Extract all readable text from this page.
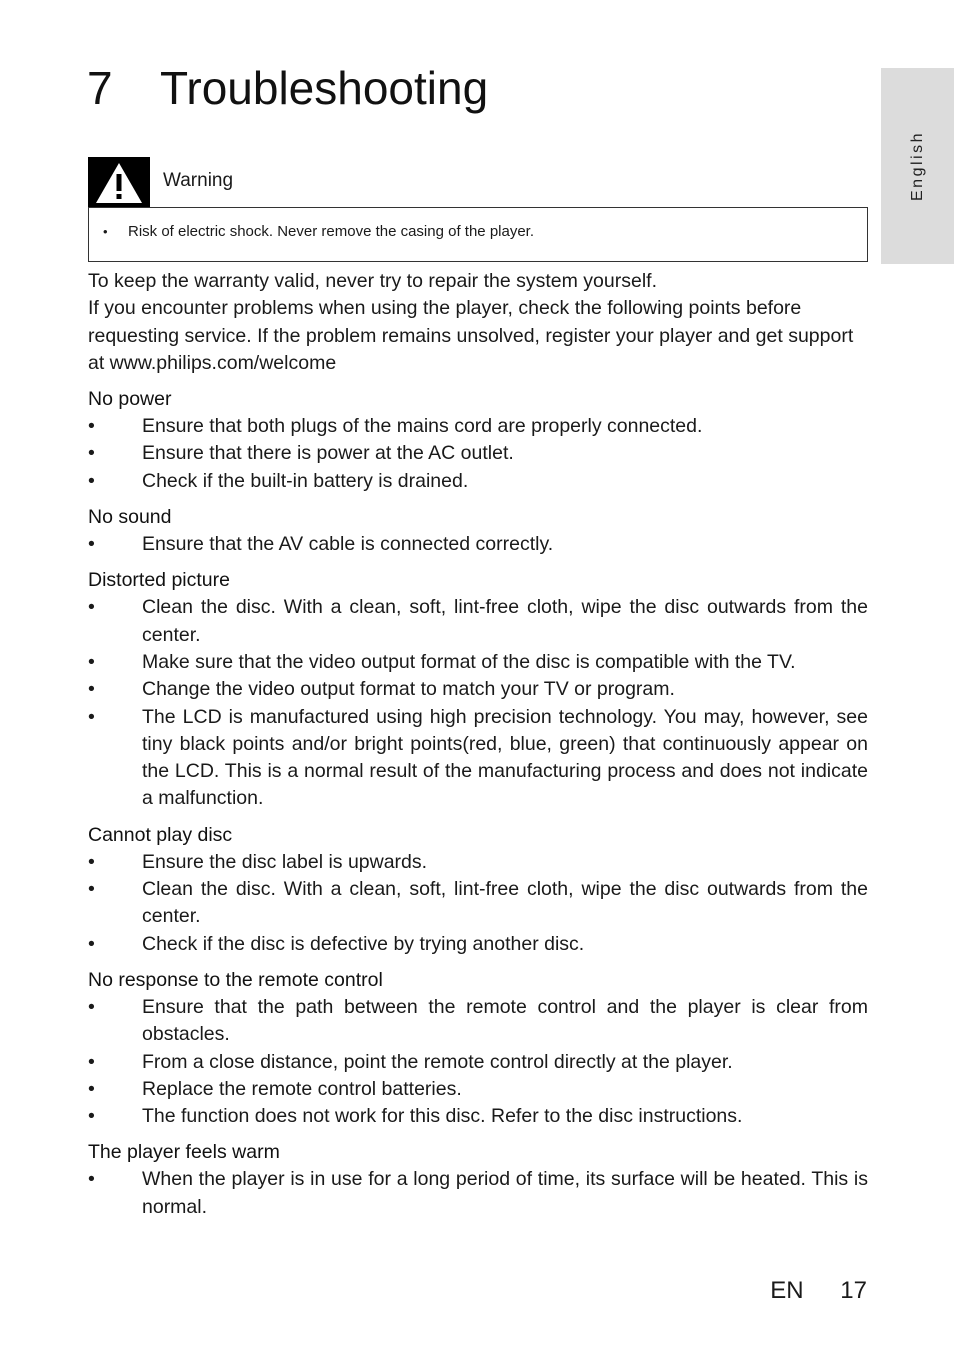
English
7 Troubleshooting
Warning
• Risk of electric shock. Never remove the casing of the player.

To keep the warranty valid, never try to repair the system yourself.

If you encounter problems when using the player, check the following points before requesting service. If the problem remains unsolved, register your player and get support at www.philips.com/welcome

No power
• Ensure that both plugs of the mains cord are properly connected.
• Ensure that there is power at the AC outlet.
• Check if the built-in battery is drained.
No sound
• Ensure that the AV cable is connected correctly.
Distorted picture
• Clean the disc. With a clean, soft, lint-free cloth, wipe the disc outwards from the center.
• Make sure that the video output format of the disc is compatible with the TV.
• Change the video output format to match your TV or program.
• The LCD is manufactured using high precision technology. You may, however, see tiny black points and/or bright points(red, blue, green) that continuously appear on the LCD. This is a normal result of the manufacturing process and does not indicate a malfunction.
Cannot play disc
• Ensure the disc label is upwards.
• Clean the disc. With a clean, soft, lint-free cloth, wipe the disc outwards from the center.
• Check if the disc is defective by trying another disc.
No response to the remote control
• Ensure that the path between the remote control and the player is clear from obstacles.
• From a close distance, point the remote control directly at the player.
• Replace the remote control batteries.
• The function does not work for this disc. Refer to the disc instructions.
The player feels warm
• When the player is in use for a long period of time, its surface will be heated. This is normal.
EN 17
